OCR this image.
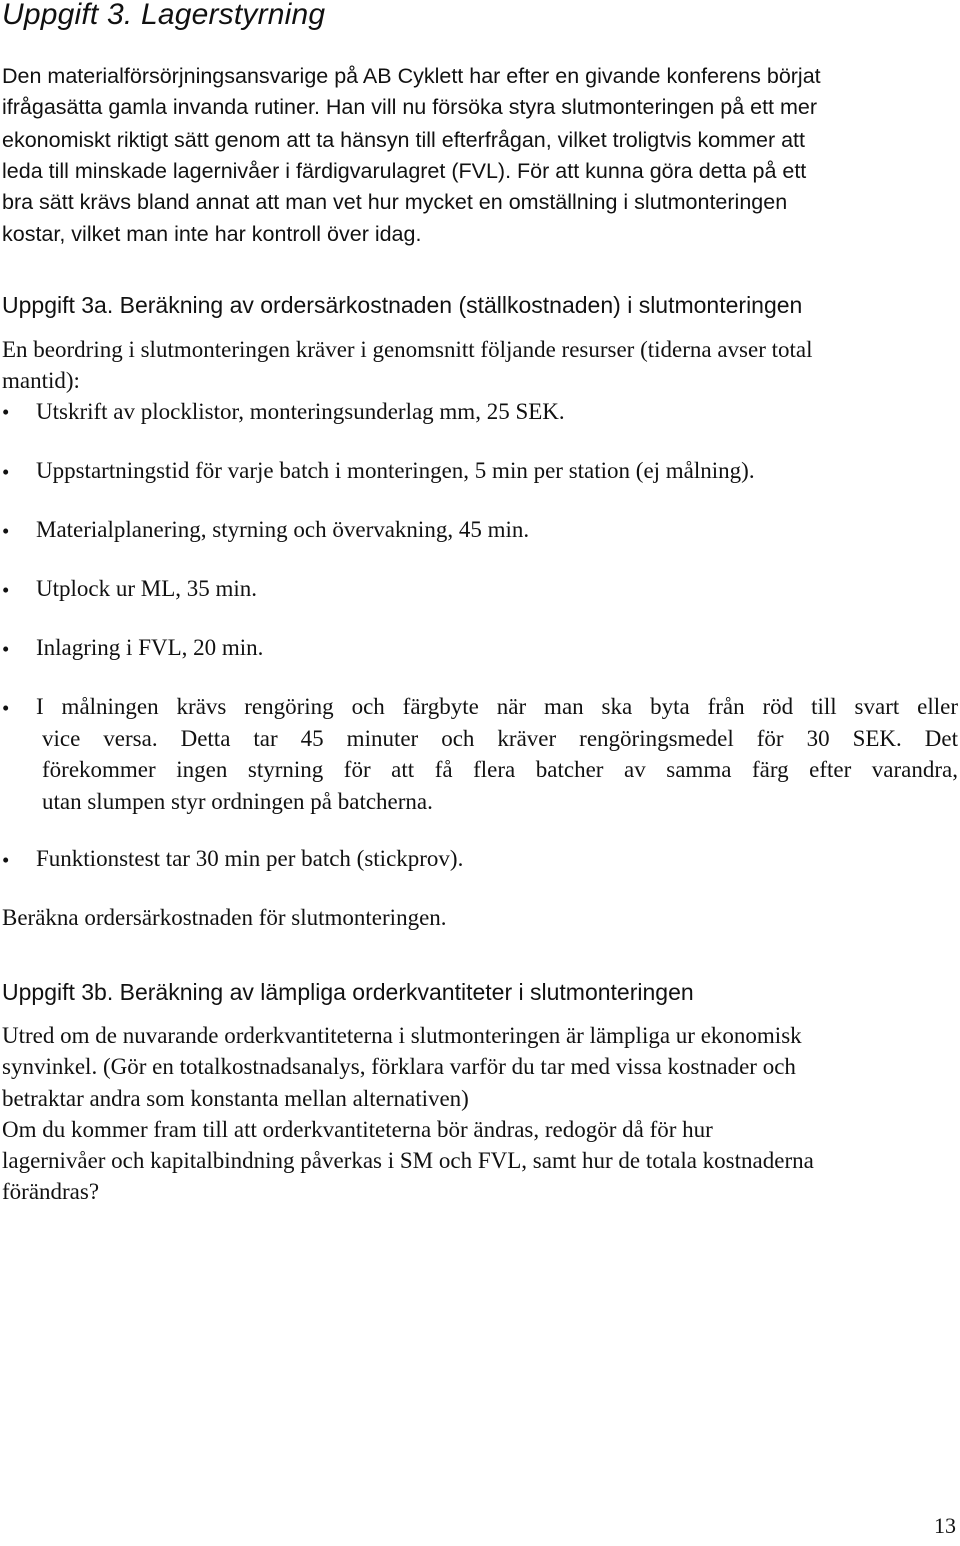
Uppgift 3. Lagerstyrning
Den materialförsörjningsansvarige på AB Cyklett har efter en givande konferens börjat
ifrågasätta gamla invanda rutiner. Han vill nu försöka styra slutmonteringen på ett mer
ekonomiskt riktigt sätt genom att ta hänsyn till efterfrågan, vilket troligtvis kommer att
leda till minskade lagernivåer i färdigvarulagret (FVL). För att kunna göra detta på ett
bra sätt krävs bland annat att man vet hur mycket en omställning i slutmonteringen
kostar, vilket man inte har kontroll över idag.
Uppgift 3a. Beräkning av ordersärkostnaden (ställkostnaden) i slutmonteringen
En beordring i slutmonteringen kräver i genomsnitt följande resurser (tiderna avser total
mantid):
• Utskrift av plocklistor, monteringsunderlag mm, 25 SEK.
• Uppstartningstid för varje batch i monteringen, 5 min per station (ej målning).
• Materialplanering, styrning och övervakning, 45 min.
• Utplock ur ML, 35 min.
• Inlagring i FVL, 20 min.
• I målningen krävs rengöring och färgbyte när man ska byta från röd till svart eller
vice versa. Detta tar 45 minuter och kräver rengöringsmedel för 30 SEK. Det
förekommer ingen styrning för att få flera batcher av samma färg efter varandra,
utan slumpen styr ordningen på batcherna.
• Funktionstest tar 30 min per batch (stickprov).
Beräkna ordersärkostnaden för slutmonteringen.
Uppgift 3b. Beräkning av lämpliga orderkvantiteter i slutmonteringen
Utred om de nuvarande orderkvantiteterna i slutmonteringen är lämpliga ur ekonomisk
synvinkel. (Gör en totalkostnadsanalys, förklara varför du tar med vissa kostnader och
betraktar andra som konstanta mellan alternativen)
Om du kommer fram till att orderkvantiteterna bör ändras, redogör då för hur
lagernivåer och kapitalbindning påverkas i SM och FVL, samt hur de totala kostnaderna
förändras?
13
